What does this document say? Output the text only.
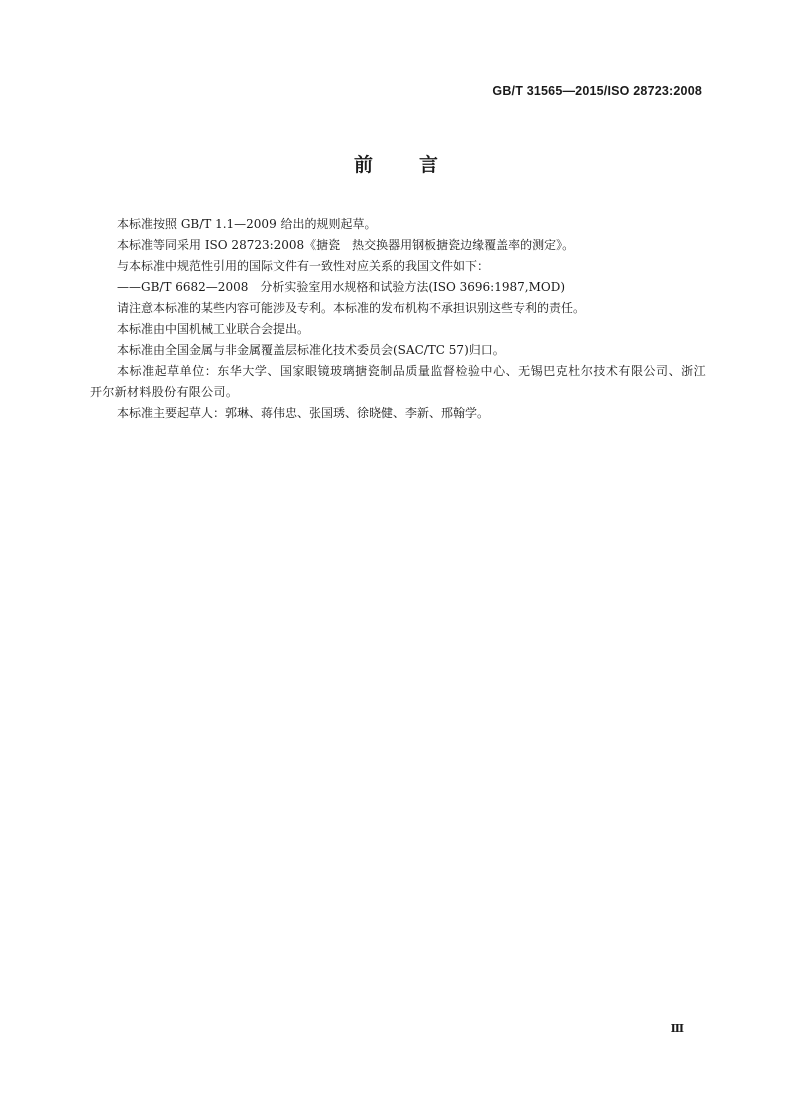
GB/T 31565—2015/ISO 28723:2008
前言

本标准按照 GB/T 1.1—2009 给出的规则起草。

本标准等同采用 ISO 28723:2008《搪瓷　热交换器用钢板搪瓷边缘覆盖率的测定》。

与本标准中规范性引用的国际文件有一致性对应关系的我国文件如下：

——GB/T 6682—2008　分析实验室用水规格和试验方法(ISO 3696:1987,MOD)

请注意本标准的某些内容可能涉及专利。本标准的发布机构不承担识别这些专利的责任。

本标准由中国机械工业联合会提出。

本标准由全国金属与非金属覆盖层标准化技术委员会(SAC/TC 57)归口。

本标准起草单位：东华大学、国家眼镜玻璃搪瓷制品质量监督检验中心、无锡巴克杜尔技术有限公司、浙江开尔新材料股份有限公司。

本标准主要起草人：郭琳、蒋伟忠、张国琇、徐晓健、李新、邢翰学。

Ⅲ
